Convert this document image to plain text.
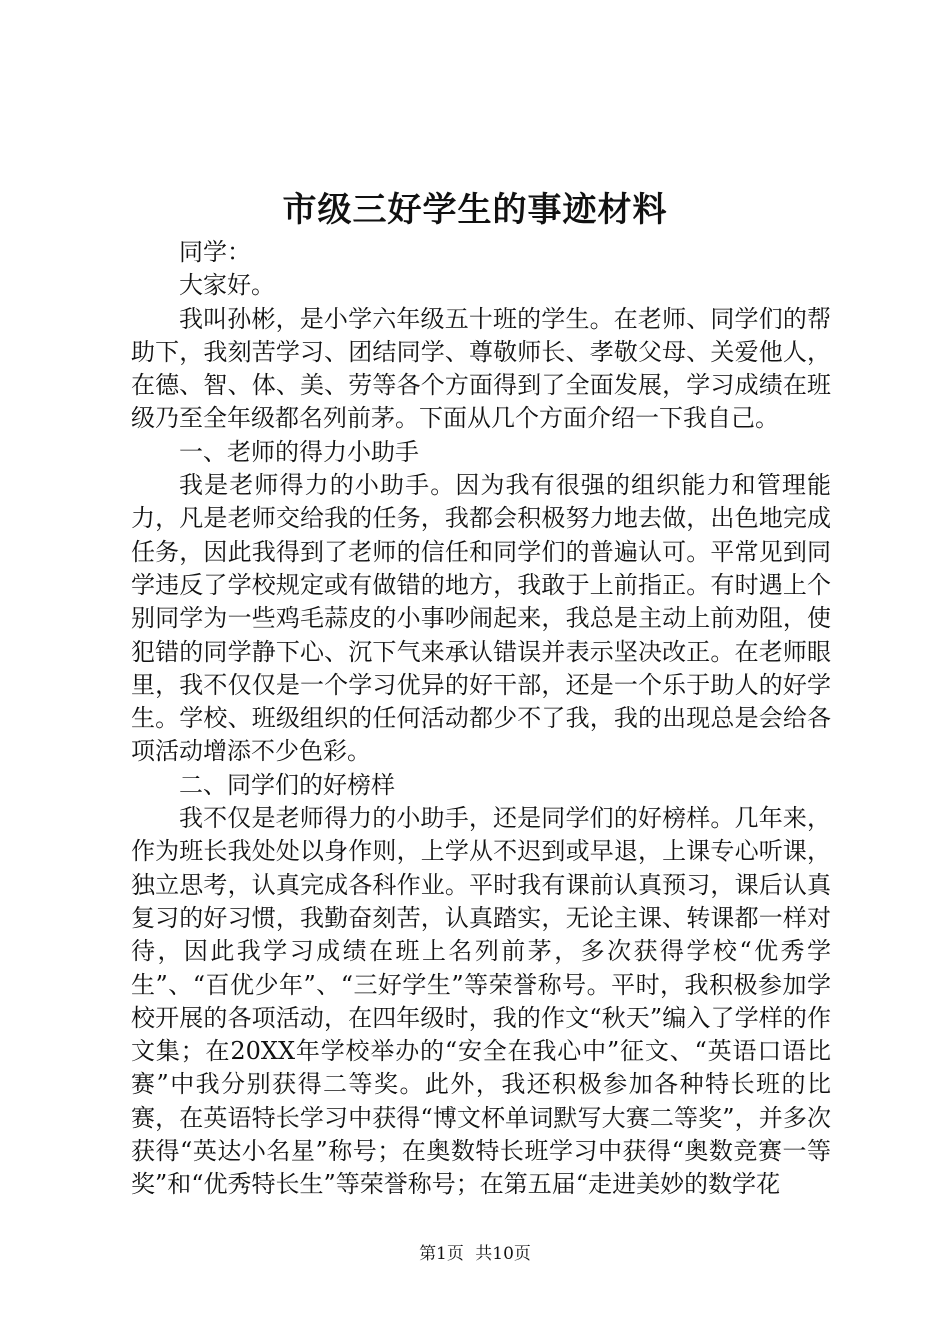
市级三好学生的事迹材料

同学：

大家好。

我叫孙彬，是小学六年级五十班的学生。在老师、同学们的帮助下，我刻苦学习、团结同学、尊敬师长、孝敬父母、关爱他人，在德、智、体、美、劳等各个方面得到了全面发展，学习成绩在班级乃至全年级都名列前茅。下面从几个方面介绍一下我自己。

一、老师的得力小助手

我是老师得力的小助手。因为我有很强的组织能力和管理能力，凡是老师交给我的任务，我都会积极努力地去做，出色地完成任务，因此我得到了老师的信任和同学们的普遍认可。平常见到同学违反了学校规定或有做错的地方，我敢于上前指正。有时遇上个别同学为一些鸡毛蒜皮的小事吵闹起来，我总是主动上前劝阻，使犯错的同学静下心、沉下气来承认错误并表示坚决改正。在老师眼里，我不仅仅是一个学习优异的好干部，还是一个乐于助人的好学生。学校、班级组织的任何活动都少不了我，我的出现总是会给各项活动增添不少色彩。

二、同学们的好榜样

我不仅是老师得力的小助手，还是同学们的好榜样。几年来，作为班长我处处以身作则，上学从不迟到或早退，上课专心听课，独立思考，认真完成各科作业。平时我有课前认真预习，课后认真复习的好习惯，我勤奋刻苦，认真踏实，无论主课、转课都一样对待，因此我学习成绩在班上名列前茅，多次获得学校“优秀学生”、“百优少年”、“三好学生”等荣誉称号。平时，我积极参加学校开展的各项活动，在四年级时，我的作文“秋天”编入了学样的作文集；在20XX年学校举办的“安全在我心中”征文、“英语口语比赛”中我分别获得二等奖。此外，我还积极参加各种特长班的比赛，在英语特长学习中获得“博文杯单词默写大赛二等奖”，并多次获得“英达小名星”称号；在奥数特长班学习中获得“奥数竞赛一等奖”和“优秀特长生”等荣誉称号；在第五届“走进美妙的数学花

第1页 共10页
